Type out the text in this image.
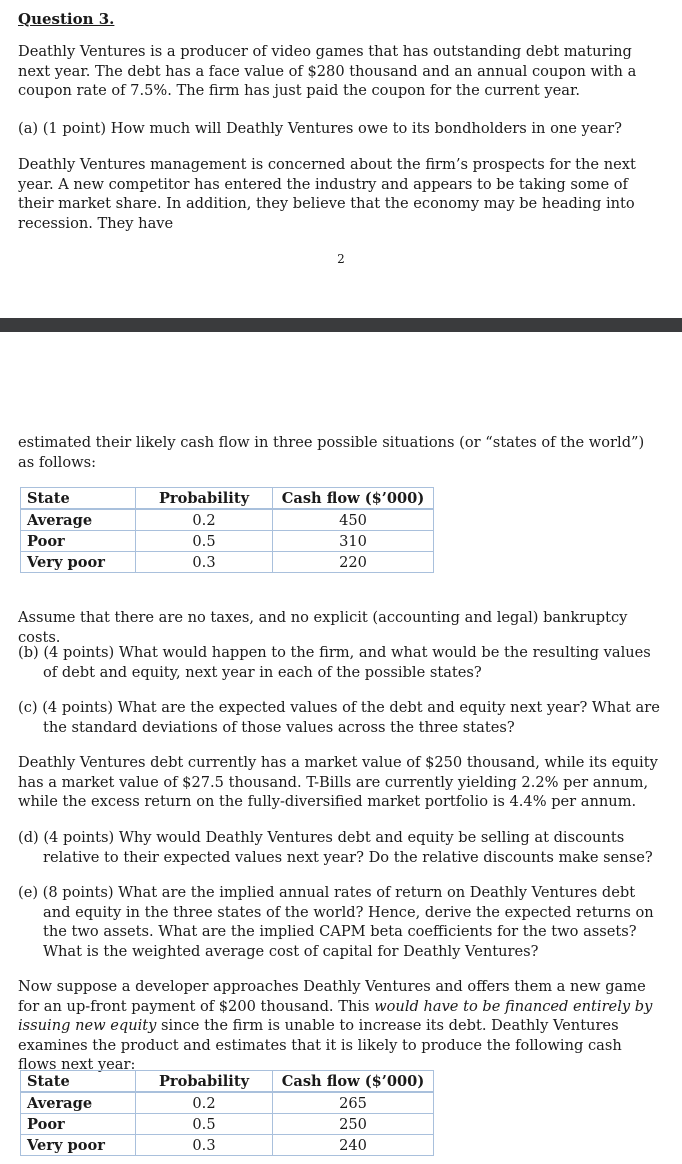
Question 3.

Deathly Ventures is a producer of video games that has outstanding debt maturing next year. The debt has a face value of $280 thousand and an annual coupon with a coupon rate of 7.5%. The firm has just paid the coupon for the current year.

(a) (1 point) How much will Deathly Ventures owe to its bondholders in one year?

Deathly Ventures management is concerned about the firm’s prospects for the next year. A new competitor has entered the industry and appears to be taking some of their market share. In addition, they believe that the economy may be heading into recession. They have

2

estimated their likely cash flow in three possible situations (or “states of the world”) as follows:

State	Probability	Cash flow ($’000)
Average	0.2	450
Poor	0.5	310
Very poor	0.3	220

Assume that there are no taxes, and no explicit (accounting and legal) bankruptcy costs.

(b) (4 points) What would happen to the firm, and what would be the resulting values of debt and equity, next year in each of the possible states?

(c) (4 points) What are the expected values of the debt and equity next year? What are the standard deviations of those values across the three states?

Deathly Ventures debt currently has a market value of $250 thousand, while its equity has a market value of $27.5 thousand. T-Bills are currently yielding 2.2% per annum, while the excess return on the fully-diversified market portfolio is 4.4% per annum.

(d) (4 points) Why would Deathly Ventures debt and equity be selling at discounts relative to their expected values next year? Do the relative discounts make sense?

(e) (8 points) What are the implied annual rates of return on Deathly Ventures debt and equity in the three states of the world? Hence, derive the expected returns on the two assets. What are the implied CAPM beta coefficients for the two assets? What is the weighted average cost of capital for Deathly Ventures?

Now suppose a developer approaches Deathly Ventures and offers them a new game for an up-front payment of $200 thousand. This would have to be financed entirely by issuing new equity since the firm is unable to increase its debt. Deathly Ventures examines the product and estimates that it is likely to produce the following cash flows next year:

State	Probability	Cash flow ($’000)
Average	0.2	265
Poor	0.5	250
Very poor	0.3	240
